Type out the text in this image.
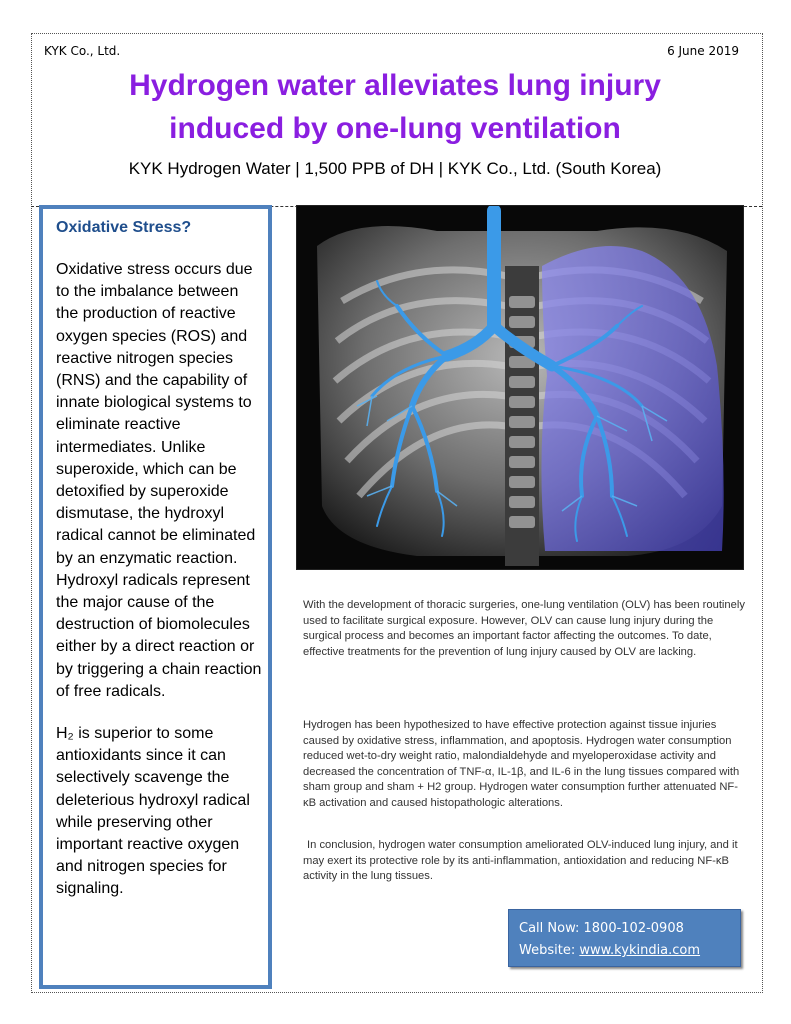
KYK Co., Ltd.	6 June 2019
Hydrogen water alleviates lung injury
induced by one-lung ventilation
KYK Hydrogen Water | 1,500 PPB of DH | KYK Co., Ltd. (South Korea)
Oxidative Stress?

Oxidative stress occurs due to the imbalance between the production of reactive oxygen species (ROS) and reactive nitrogen species (RNS) and the capability of innate biological systems to eliminate reactive intermediates. Unlike superoxide, which can be detoxified by superoxide dismutase, the hydroxyl radical cannot be eliminated by an enzymatic reaction. Hydroxyl radicals represent the major cause of the destruction of biomolecules either by a direct reaction or by triggering a chain reaction of free radicals.

H₂ is superior to some antioxidants since it can selectively scavenge the deleterious hydroxyl radical while preserving other important reactive oxygen and nitrogen species for signaling.

With the development of thoracic surgeries, one-lung ventilation (OLV) has been routinely used to facilitate surgical exposure. However, OLV can cause lung injury during the surgical process and becomes an important factor affecting the outcomes. To date, effective treatments for the prevention of lung injury caused by OLV are lacking.

Hydrogen has been hypothesized to have effective protection against tissue injuries caused by oxidative stress, inflammation, and apoptosis. Hydrogen water consumption reduced wet-to-dry weight ratio, malondialdehyde and myeloperoxidase activity and decreased the concentration of TNF-α, IL-1β, and IL-6 in the lung tissues compared with sham group and sham + H2 group. Hydrogen water consumption further attenuated NF-κB activation and caused histopathologic alterations.

In conclusion, hydrogen water consumption ameliorated OLV-induced lung injury, and it may exert its protective role by its anti-inflammation, antioxidation and reducing NF-κB activity in the lung tissues.

Call Now: 1800-102-0908
Website: www.kykindia.com
